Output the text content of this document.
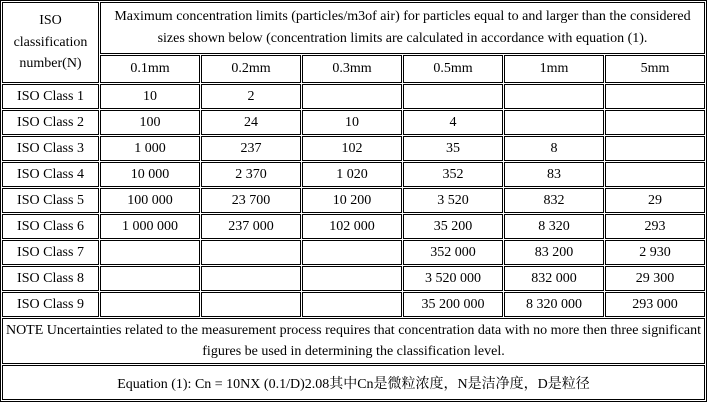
ISO
classification
number(N)	Maximum concentration limits (particles/m3of air) for particles equal to and larger than the considered sizes shown below (concentration limits are calculated in accordance with equation (1).					
	0.1mm	0.2mm	0.3mm	0.5mm	1mm	5mm
ISO Class 1	10	2				
ISO Class 2	100	24	10	4		
ISO Class 3	1 000	237	102	35	8	
ISO Class 4	10 000	2 370	1 020	352	83	
ISO Class 5	100 000	23 700	10 200	3 520	832	29
ISO Class 6	1 000 000	237 000	102 000	35 200	8 320	293
ISO Class 7				352 000	83 200	2 930
ISO Class 8				3 520 000	832 000	29 300
ISO Class 9				35 200 000	8 320 000	293 000
NOTE Uncertainties related to the measurement process requires that concentration data with no more then three significant figures be used in determining the classification level.						
Equation (1): Cn = 10NX (0.1/D)2.08其中Cn是微粒浓度，N是洁净度，D是粒径						
